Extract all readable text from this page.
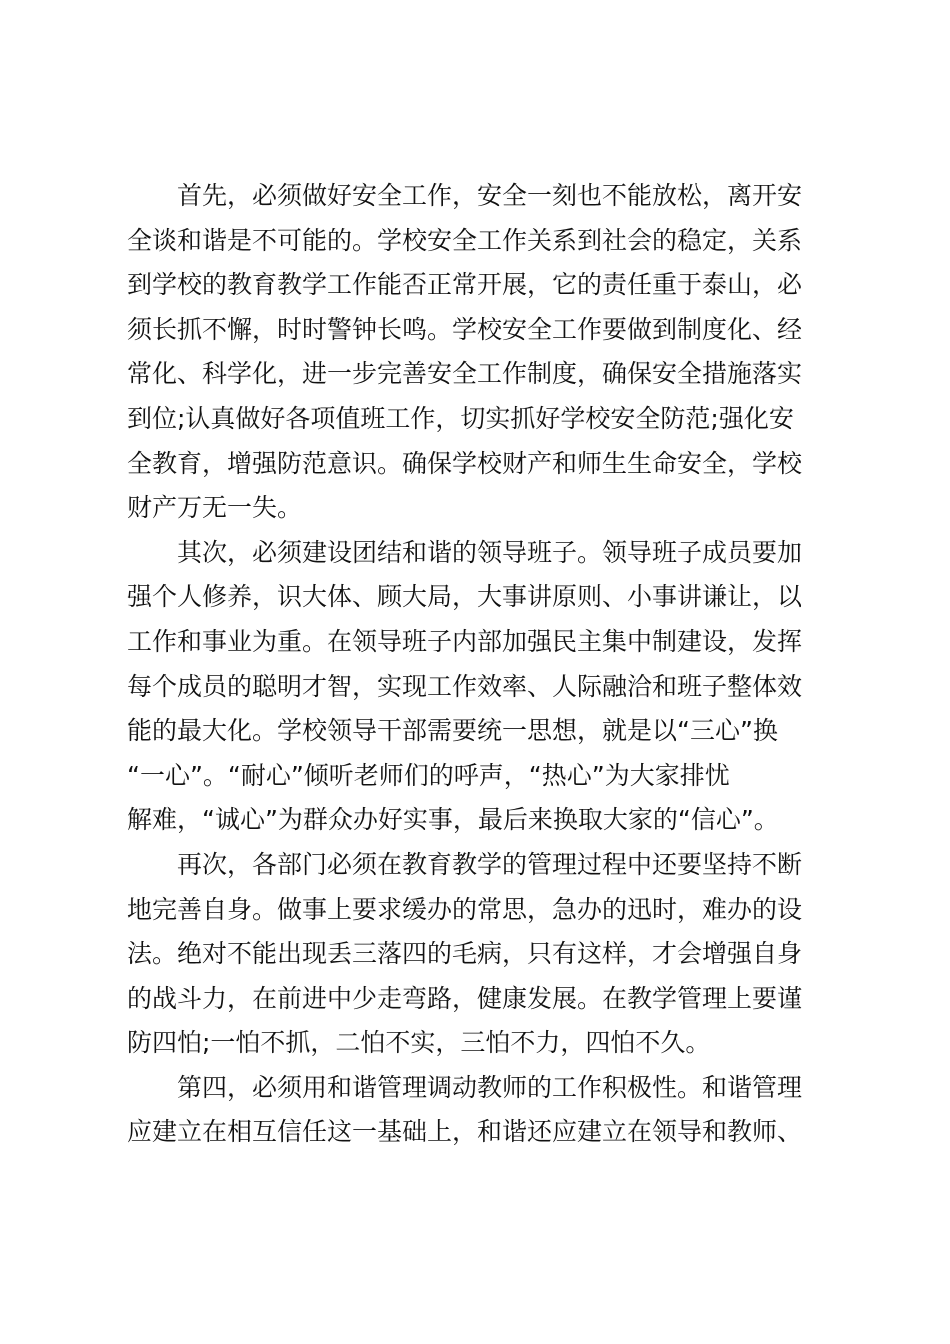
　　首先，必须做好安全工作，安全一刻也不能放松，离开安
全谈和谐是不可能的。学校安全工作关系到社会的稳定，关系
到学校的教育教学工作能否正常开展，它的责任重于泰山，必
须长抓不懈，时时警钟长鸣。学校安全工作要做到制度化、经
常化、科学化，进一步完善安全工作制度，确保安全措施落实
到位;认真做好各项值班工作，切实抓好学校安全防范;强化安
全教育，增强防范意识。确保学校财产和师生生命安全，学校
财产万无一失。
　　其次，必须建设团结和谐的领导班子。领导班子成员要加
强个人修养，识大体、顾大局，大事讲原则、小事讲谦让，以
工作和事业为重。在领导班子内部加强民主集中制建设，发挥
每个成员的聪明才智，实现工作效率、人际融洽和班子整体效
能的最大化。学校领导干部需要统一思想，就是以“三心”换
“一心”。“耐心”倾听老师们的呼声，“热心”为大家排忧
解难，“诚心”为群众办好实事，最后来换取大家的“信心”。
　　再次，各部门必须在教育教学的管理过程中还要坚持不断
地完善自身。做事上要求缓办的常思，急办的迅时，难办的设
法。绝对不能出现丢三落四的毛病，只有这样，才会增强自身
的战斗力，在前进中少走弯路，健康发展。在教学管理上要谨
防四怕;一怕不抓，二怕不实，三怕不力，四怕不久。
　　第四，必须用和谐管理调动教师的工作积极性。和谐管理
应建立在相互信任这一基础上，和谐还应建立在领导和教师、
